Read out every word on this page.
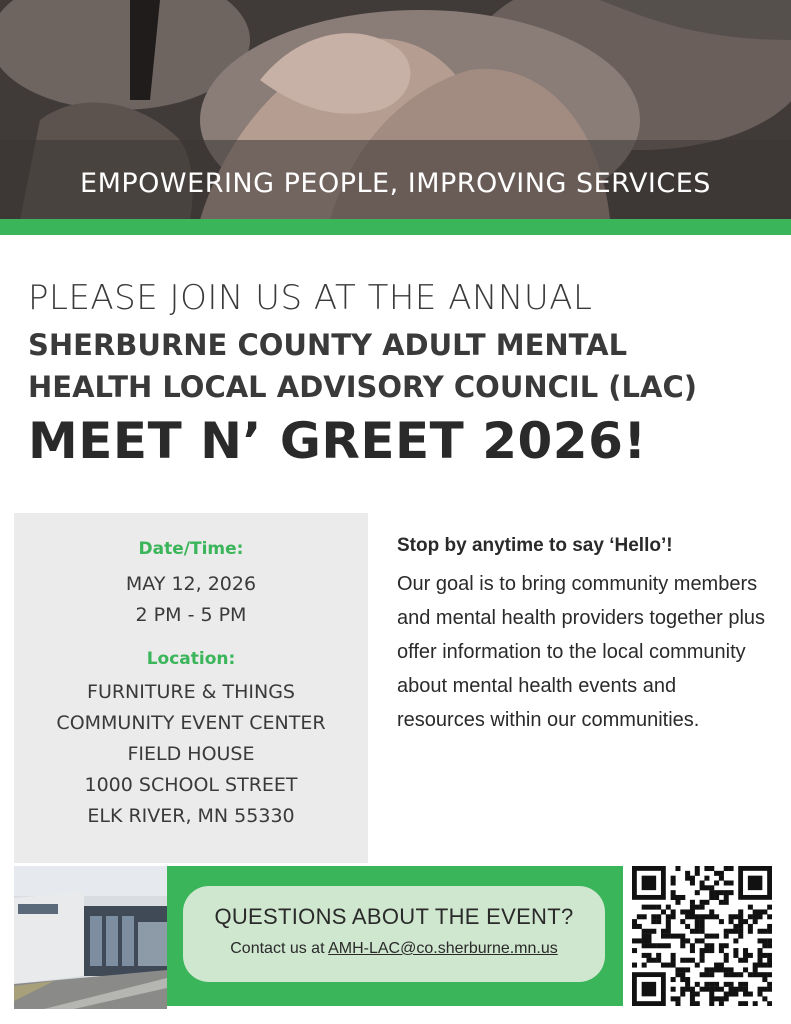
EMPOWERING PEOPLE, IMPROVING SERVICES
PLEASE JOIN US AT THE ANNUAL
SHERBURNE COUNTY ADULT MENTAL
HEALTH LOCAL ADVISORY COUNCIL (LAC)
MEET N’ GREET 2026!
Date/Time:
MAY 12, 2026
2 PM - 5 PM
Location:
FURNITURE & THINGS
COMMUNITY EVENT CENTER
FIELD HOUSE
1000 SCHOOL STREET
ELK RIVER, MN 55330
Stop by anytime to say ‘Hello’!
Our goal is to bring community members and mental health providers together plus offer information to the local community about mental health events and resources within our communities.
QUESTIONS ABOUT THE EVENT?
Contact us at AMH-LAC@co.sherburne.mn.us
